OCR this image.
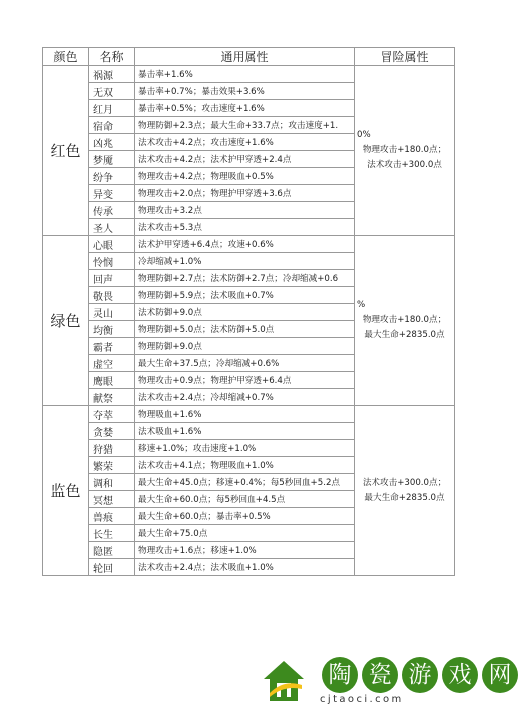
颜色	名称	通用属性	冒险属性
红色	祸源	暴击率+1.6%	0%
物理攻击+180.0点；
法术攻击+300.0点

	无双	暴击率+0.7%；暴击效果+3.6%	
	红月	暴击率+0.5%；攻击速度+1.6%	
	宿命	物理防御+2.3点；最大生命+33.7点；攻击速度+1.	
	凶兆	法术攻击+4.2点；攻击速度+1.6%	
	梦魇	法术攻击+4.2点；法术护甲穿透+2.4点	
	纷争	物理攻击+4.2点；物理吸血+0.5%	
	异变	物理攻击+2.0点；物理护甲穿透+3.6点	
	传承	物理攻击+3.2点	
	圣人	法术攻击+5.3点	
绿色	心眼	法术护甲穿透+6.4点；攻速+0.6%	%
物理攻击+180.0点；
最大生命+2835.0点

	怜悯	冷却缩减+1.0%	
	回声	物理防御+2.7点；法术防御+2.7点；冷却缩减+0.6	
	敬畏	物理防御+5.9点；法术吸血+0.7%	
	灵山	法术防御+9.0点	
	均衡	物理防御+5.0点；法术防御+5.0点	
	霸者	物理防御+9.0点	
	虚空	最大生命+37.5点；冷却缩减+0.6%	
	鹰眼	物理攻击+0.9点；物理护甲穿透+6.4点	
	献祭	法术攻击+2.4点；冷却缩减+0.7%	
监色	夺萃	物理吸血+1.6%	法术攻击+300.0点；
最大生命+2835.0点

	贪婪	法术吸血+1.6%	
	狩猎	移速+1.0%；攻击速度+1.0%	
	繁荣	法术攻击+4.1点；物理吸血+1.0%	
	调和	最大生命+45.0点；移速+0.4%；每5秒回血+5.2点	
	冥想	最大生命+60.0点；每5秒回血+4.5点	
	兽痕	最大生命+60.0点；暴击率+0.5%	
	长生	最大生命+75.0点	
	隐匿	物理攻击+1.6点；移速+1.0%	
	轮回	法术攻击+2.4点；法术吸血+1.0%	
陶 瓷 游 戏 网
cjtaoci.com
